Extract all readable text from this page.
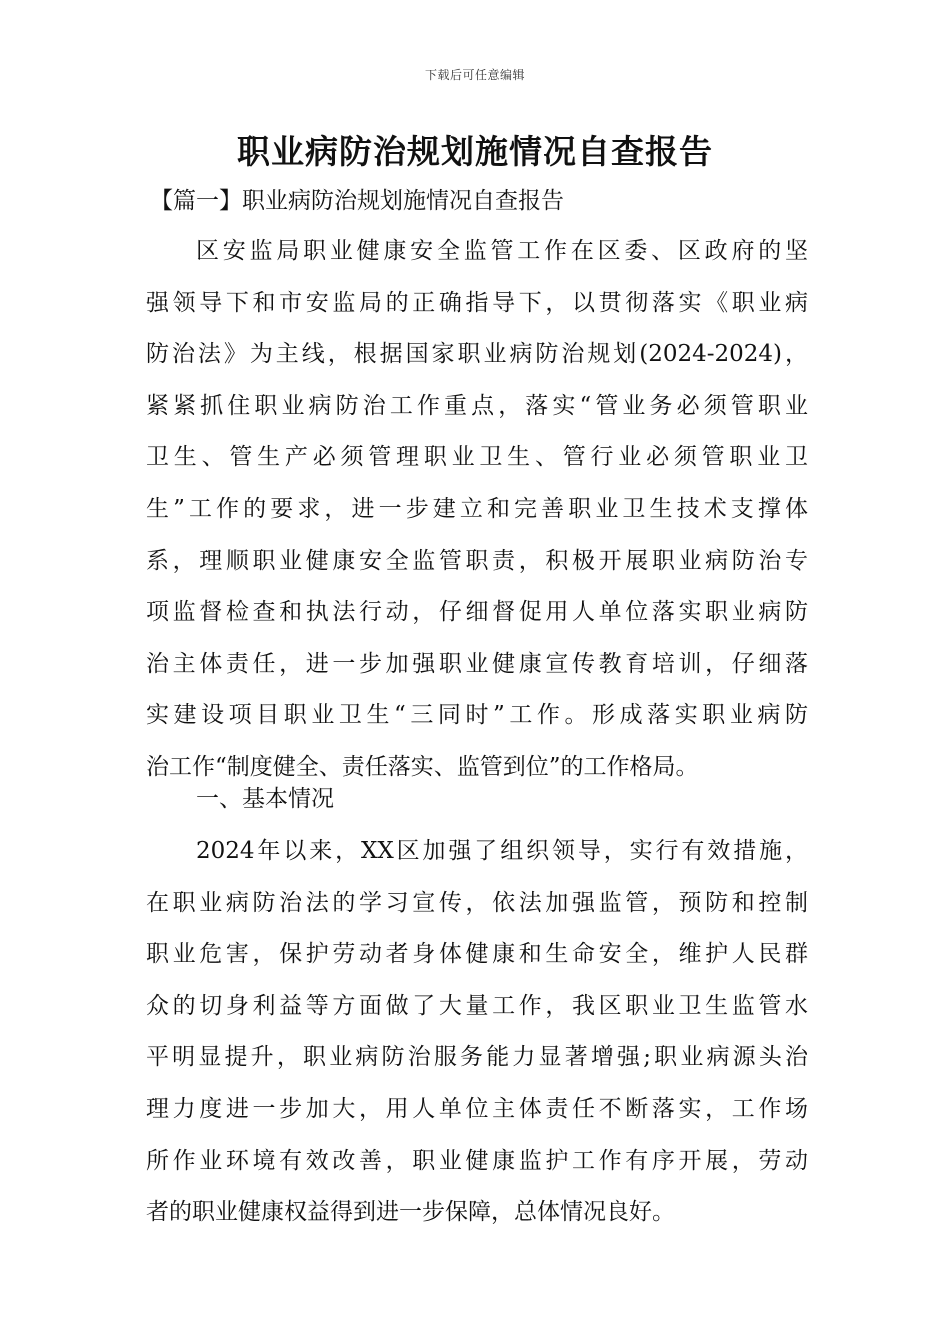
下载后可任意编辑
职业病防治规划施情况自查报告
【篇一】职业病防治规划施情况自查报告
区安监局职业健康安全监管工作在区委、区政府的坚
强领导下和市安监局的正确指导下，以贯彻落实《职业病
防治法》为主线，根据国家职业病防治规划(2024-2024)，
紧紧抓住职业病防治工作重点，落实“管业务必须管职业
卫生、管生产必须管理职业卫生、管行业必须管职业卫
生”工作的要求，进一步建立和完善职业卫生技术支撑体
系，理顺职业健康安全监管职责，积极开展职业病防治专
项监督检查和执法行动，仔细督促用人单位落实职业病防
治主体责任，进一步加强职业健康宣传教育培训，仔细落
实建设项目职业卫生“三同时”工作。形成落实职业病防
治工作“制度健全、责任落实、监管到位”的工作格局。
一、基本情况
2024年以来，XX区加强了组织领导，实行有效措施，
在职业病防治法的学习宣传，依法加强监管，预防和控制
职业危害，保护劳动者身体健康和生命安全，维护人民群
众的切身利益等方面做了大量工作，我区职业卫生监管水
平明显提升，职业病防治服务能力显著增强;职业病源头治
理力度进一步加大，用人单位主体责任不断落实，工作场
所作业环境有效改善，职业健康监护工作有序开展，劳动
者的职业健康权益得到进一步保障，总体情况良好。
